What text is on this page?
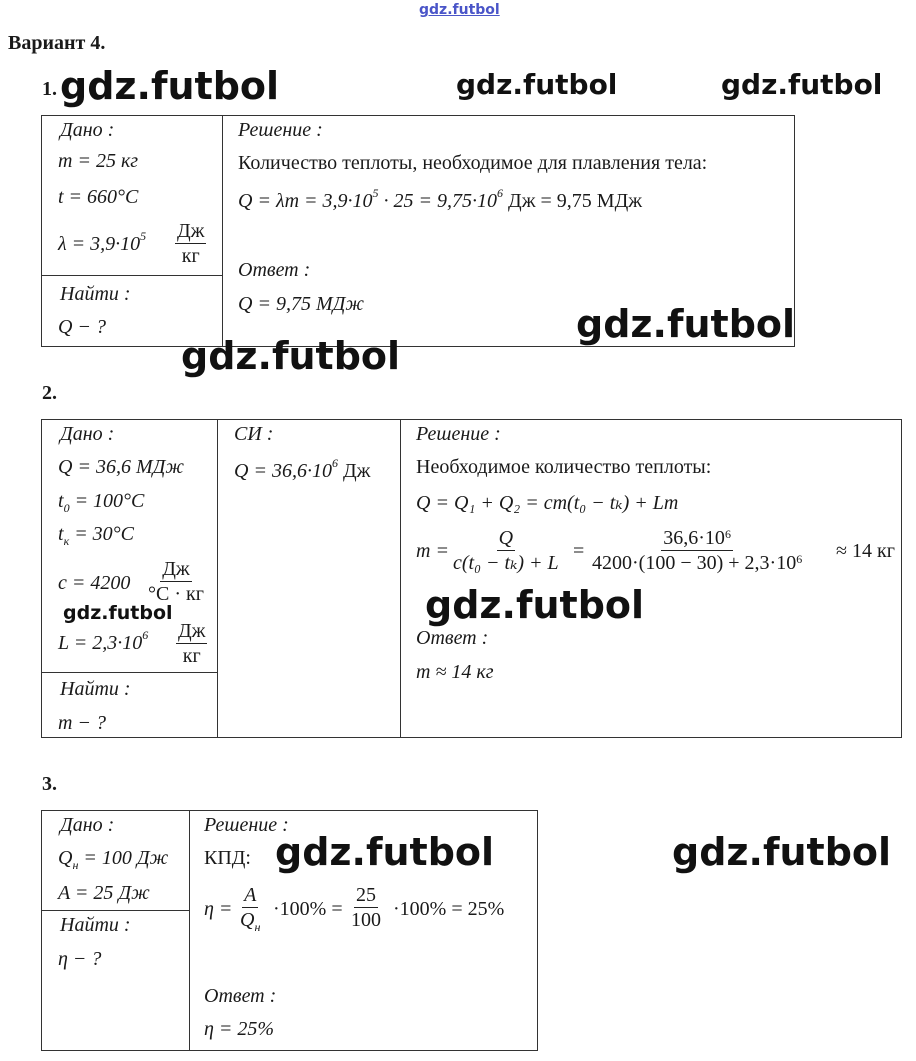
gdz.futbol
Вариант 4.
1. gdz.futbol	gdz.futbol	gdz.futbol
Дано :
m = 25 кг
t = 660°C
$\lambda = 3,9\cdot 10^5$ Дж
кг
Найти :
Q − ?
Решение :
Количество теплоты, необходимое для плавления тела:
$Q = \lambda m = 3,9\cdot 10^5 \cdot 25 = 9,75\cdot 10^6$ Дж = 9,75 МДж
Ответ :
Q = 9,75 МДж	gdz.futbol
gdz.futbol
2.
Дано :
Q = 36,6 МДж
$t_0 = 100^\circ C$
$t_к = 30^\circ C$
c = 4200
Дж
°C · кг
gdz.futbol
$L = 2,3\cdot 10^6$ Дж
кг
Найти :
m − ?
СИ :
$Q = 36,6\cdot 10^6$ Дж
Решение :
Необходимое количество теплоты:
Q = Q₁ + Q₂ = cm(t₀ − tₖ) + Lm
$m = \frac{Q}{\text{c(t₀ − tₖ) + L}} = \frac{36,6\cdot 10^6}{4200\cdot(100 - 30) + 2,3\cdot 10^6} \approx 14$ кг
gdz.futbol
Ответ :
m ≈ 14 кг
3.
Дано :
$Q_н = 100$ Дж
A = 25 Дж
Найти :
η − ?
Решение :
КПД: gdz.futbol	gdz.futbol
η =
A
$Q_н$
$\cdot 100\% = \frac{25}{100} \cdot 100\% = 25\%$
Ответ :
η = 25%
